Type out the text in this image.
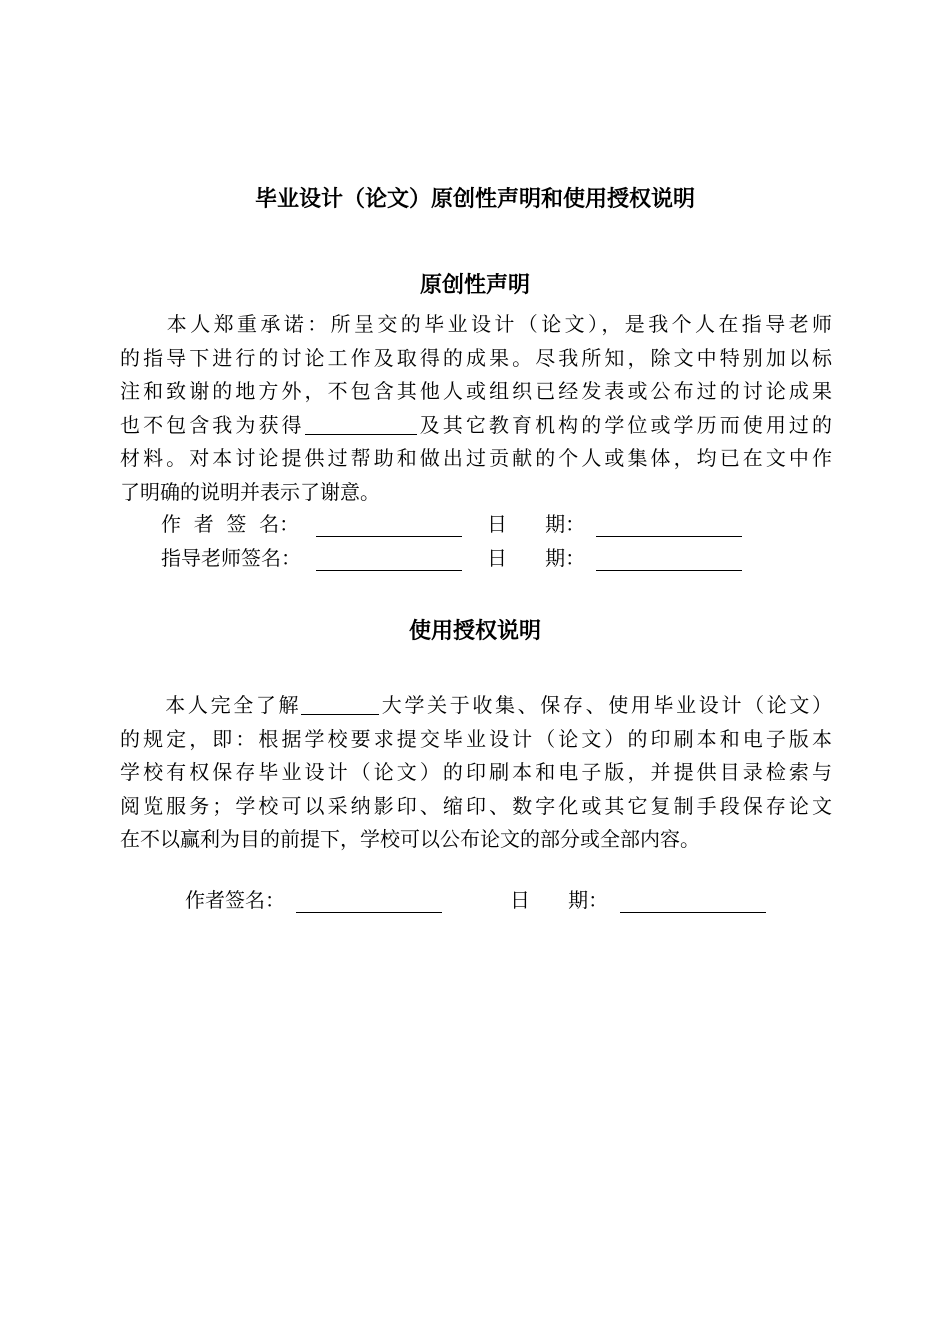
毕业设计（论文）原创性声明和使用授权说明
原创性声明
　　本人郑重承诺：所呈交的毕业设计（论文），是我个人在指导老师
的指导下进行的讨论工作及取得的成果。尽我所知，除文中特别加以标
注和致谢的地方外，不包含其他人或组织已经发表或公布过的讨论成果
也不包含我为获得	及其它教育机构的学位或学历而使用过的
材料。对本讨论提供过帮助和做出过贡献的个人或集体，均已在文中作
了明确的说明并表示了谢意。
作  者  签  名：	日      期：
指导老师签名：	日      期：
使用授权说明
　　本人完全了解	大学关于收集、保存、使用毕业设计（论文）
的规定，即：根据学校要求提交毕业设计（论文）的印刷本和电子版本
学校有权保存毕业设计（论文）的印刷本和电子版，并提供目录检索与
阅览服务；学校可以采纳影印、缩印、数字化或其它复制手段保存论文
在不以赢利为目的前提下，学校可以公布论文的部分或全部内容。
作者签名：	日      期：
